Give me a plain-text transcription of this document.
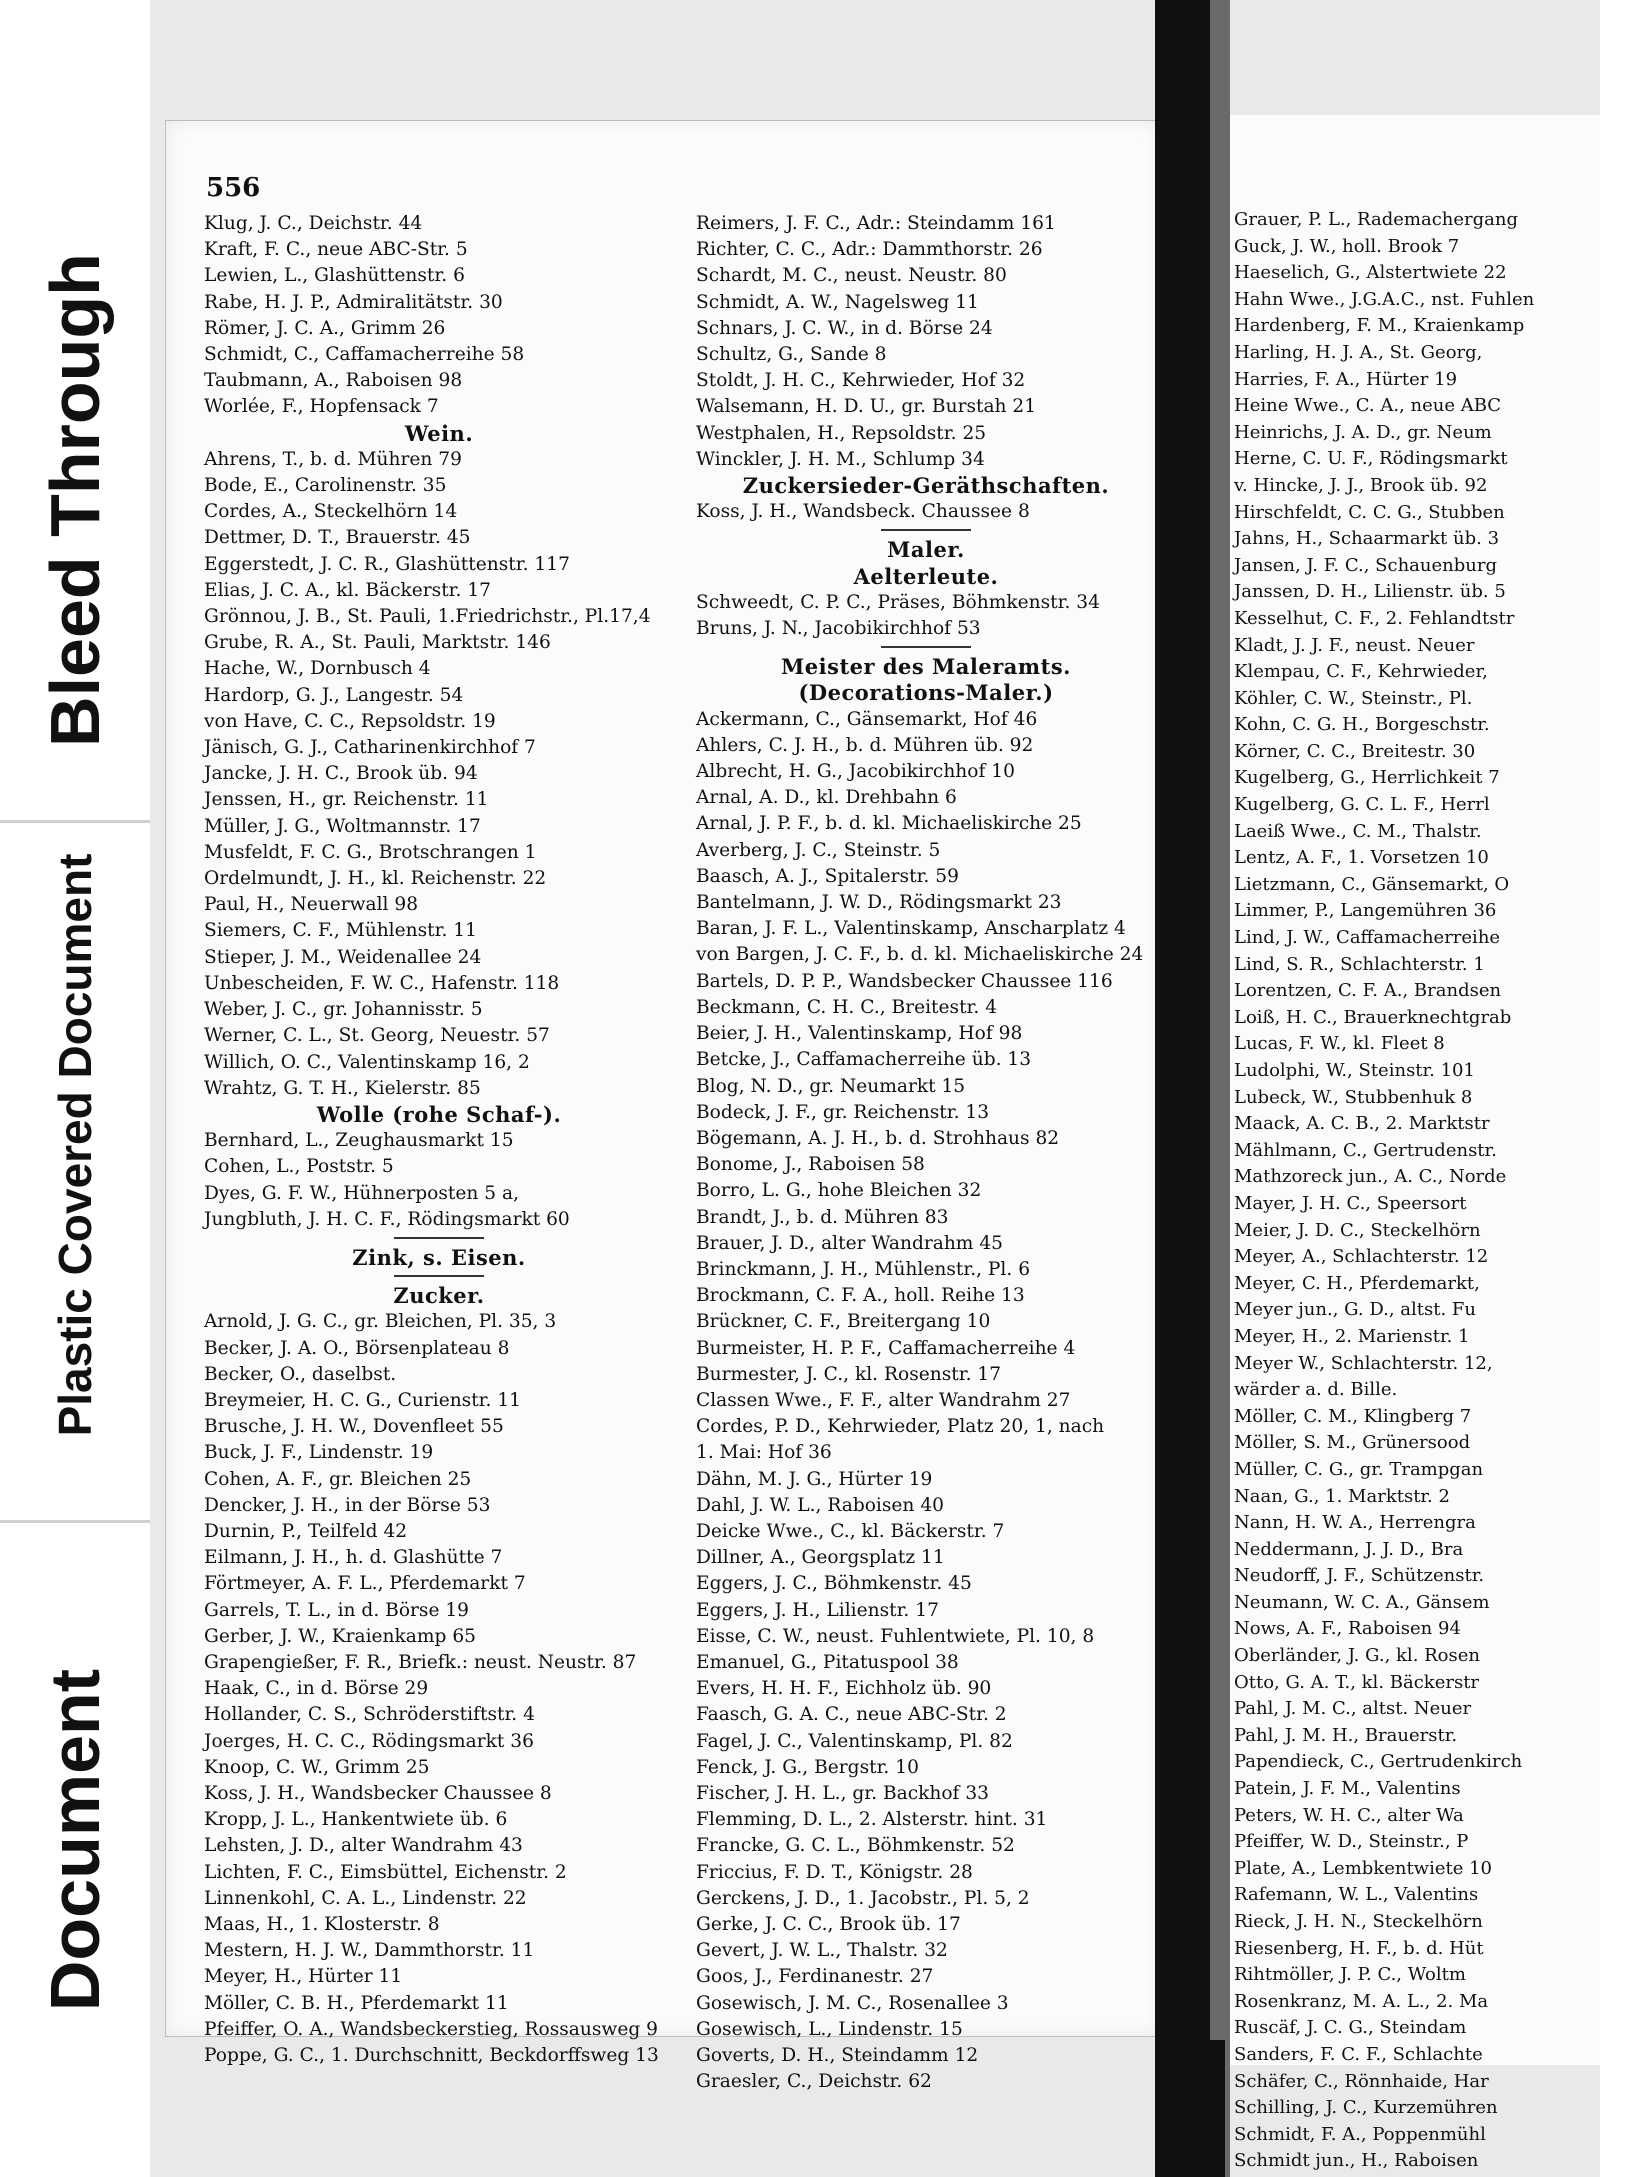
Bleed Through
Plastic Covered Document
Document
556
Klug, J. C., Deichstr. 44
Kraft, F. C., neue ABC-Str. 5
Lewien, L., Glashüttenstr. 6
Rabe, H. J. P., Admiralitätstr. 30
Römer, J. C. A., Grimm 26
Schmidt, C., Caffamacherreihe 58
Taubmann, A., Raboisen 98
Worlée, F., Hopfensack 7
Wein.
Ahrens, T., b. d. Mühren 79
Bode, E., Carolinenstr. 35
Cordes, A., Steckelhörn 14
Dettmer, D. T., Brauerstr. 45
Eggerstedt, J. C. R., Glashüttenstr. 117
Elias, J. C. A., kl. Bäckerstr. 17
Grönnou, J. B., St. Pauli, 1.Friedrichstr., Pl.17,4
Grube, R. A., St. Pauli, Marktstr. 146
Hache, W., Dornbusch 4
Hardorp, G. J., Langestr. 54
von Have, C. C., Repsoldstr. 19
Jänisch, G. J., Catharinenkirchhof 7
Jancke, J. H. C., Brook üb. 94
Jenssen, H., gr. Reichenstr. 11
Müller, J. G., Woltmannstr. 17
Musfeldt, F. C. G., Brotschrangen 1
Ordelmundt, J. H., kl. Reichenstr. 22
Paul, H., Neuerwall 98
Siemers, C. F., Mühlenstr. 11
Stieper, J. M., Weidenallee 24
Unbescheiden, F. W. C., Hafenstr. 118
Weber, J. C., gr. Johannisstr. 5
Werner, C. L., St. Georg, Neuestr. 57
Willich, O. C., Valentinskamp 16, 2
Wrahtz, G. T. H., Kielerstr. 85
Wolle (rohe Schaf-).
Bernhard, L., Zeughausmarkt 15
Cohen, L., Poststr. 5
Dyes, G. F. W., Hühnerposten 5 a,
Jungbluth, J. H. C. F., Rödingsmarkt 60
Zink, s. Eisen.
Zucker.
Arnold, J. G. C., gr. Bleichen, Pl. 35, 3
Becker, J. A. O., Börsenplateau 8
Becker, O., daselbst.
Breymeier, H. C. G., Curienstr. 11
Brusche, J. H. W., Dovenfleet 55
Buck, J. F., Lindenstr. 19
Cohen, A. F., gr. Bleichen 25
Dencker, J. H., in der Börse 53
Durnin, P., Teilfeld 42
Eilmann, J. H., h. d. Glashütte 7
Förtmeyer, A. F. L., Pferdemarkt 7
Garrels, T. L., in d. Börse 19
Gerber, J. W., Kraienkamp 65
Grapengießer, F. R., Briefk.: neust. Neustr. 87
Haak, C., in d. Börse 29
Hollander, C. S., Schröderstiftstr. 4
Joerges, H. C. C., Rödingsmarkt 36
Knoop, C. W., Grimm 25
Koss, J. H., Wandsbecker Chaussee 8
Kropp, J. L., Hankentwiete üb. 6
Lehsten, J. D., alter Wandrahm 43
Lichten, F. C., Eimsbüttel, Eichenstr. 2
Linnenkohl, C. A. L., Lindenstr. 22
Maas, H., 1. Klosterstr. 8
Mestern, H. J. W., Dammthorstr. 11
Meyer, H., Hürter 11
Möller, C. B. H., Pferdemarkt 11
Pfeiffer, O. A., Wandsbeckerstieg, Rossausweg 9
Poppe, G. C., 1. Durchschnitt, Beckdorffsweg 13
Reimers, J. F. C., Adr.: Steindamm 161
Richter, C. C., Adr.: Dammthorstr. 26
Schardt, M. C., neust. Neustr. 80
Schmidt, A. W., Nagelsweg 11
Schnars, J. C. W., in d. Börse 24
Schultz, G., Sande 8
Stoldt, J. H. C., Kehrwieder, Hof 32
Walsemann, H. D. U., gr. Burstah 21
Westphalen, H., Repsoldstr. 25
Winckler, J. H. M., Schlump 34
Zuckersieder-Geräthschaften.
Koss, J. H., Wandsbeck. Chaussee 8
Maler.
Aelterleute.
Schweedt, C. P. C., Präses, Böhmkenstr. 34
Bruns, J. N., Jacobikirchhof 53
Meister des Maleramts.
(Decorations-Maler.)
Ackermann, C., Gänsemarkt, Hof 46
Ahlers, C. J. H., b. d. Mühren üb. 92
Albrecht, H. G., Jacobikirchhof 10
Arnal, A. D., kl. Drehbahn 6
Arnal, J. P. F., b. d. kl. Michaeliskirche 25
Averberg, J. C., Steinstr. 5
Baasch, A. J., Spitalerstr. 59
Bantelmann, J. W. D., Rödingsmarkt 23
Baran, J. F. L., Valentinskamp, Anscharplatz 4
von Bargen, J. C. F., b. d. kl. Michaeliskirche 24
Bartels, D. P. P., Wandsbecker Chaussee 116
Beckmann, C. H. C., Breitestr. 4
Beier, J. H., Valentinskamp, Hof 98
Betcke, J., Caffamacherreihe üb. 13
Blog, N. D., gr. Neumarkt 15
Bodeck, J. F., gr. Reichenstr. 13
Bögemann, A. J. H., b. d. Strohhaus 82
Bonome, J., Raboisen 58
Borro, L. G., hohe Bleichen 32
Brandt, J., b. d. Mühren 83
Brauer, J. D., alter Wandrahm 45
Brinckmann, J. H., Mühlenstr., Pl. 6
Brockmann, C. F. A., holl. Reihe 13
Brückner, C. F., Breitergang 10
Burmeister, H. P. F., Caffamacherreihe 4
Burmester, J. C., kl. Rosenstr. 17
Classen Wwe., F. F., alter Wandrahm 27
Cordes, P. D., Kehrwieder, Platz 20, 1, nach
1. Mai: Hof 36
Dähn, M. J. G., Hürter 19
Dahl, J. W. L., Raboisen 40
Deicke Wwe., C., kl. Bäckerstr. 7
Dillner, A., Georgsplatz 11
Eggers, J. C., Böhmkenstr. 45
Eggers, J. H., Lilienstr. 17
Eisse, C. W., neust. Fuhlentwiete, Pl. 10, 8
Emanuel, G., Pitatuspool 38
Evers, H. H. F., Eichholz üb. 90
Faasch, G. A. C., neue ABC-Str. 2
Fagel, J. C., Valentinskamp, Pl. 82
Fenck, J. G., Bergstr. 10
Fischer, J. H. L., gr. Backhof 33
Flemming, D. L., 2. Alsterstr. hint. 31
Francke, G. C. L., Böhmkenstr. 52
Friccius, F. D. T., Königstr. 28
Gerckens, J. D., 1. Jacobstr., Pl. 5, 2
Gerke, J. C. C., Brook üb. 17
Gevert, J. W. L., Thalstr. 32
Goos, J., Ferdinanestr. 27
Gosewisch, J. M. C., Rosenallee 3
Gosewisch, L., Lindenstr. 15
Goverts, D. H., Steindamm 12
Graesler, C., Deichstr. 62
Grauer, P. L., Rademachergang
Guck, J. W., holl. Brook 7
Haeselich, G., Alstertwiete 22
Hahn Wwe., J.G.A.C., nst. Fuhlen
Hardenberg, F. M., Kraienkamp
Harling, H. J. A., St. Georg,
Harries, F. A., Hürter 19
Heine Wwe., C. A., neue ABC
Heinrichs, J. A. D., gr. Neum
Herne, C. U. F., Rödingsmarkt
v. Hincke, J. J., Brook üb. 92
Hirschfeldt, C. C. G., Stubben
Jahns, H., Schaarmarkt üb. 3
Jansen, J. F. C., Schauenburg
Janssen, D. H., Lilienstr. üb. 5
Kesselhut, C. F., 2. Fehlandtstr
Kladt, J. J. F., neust. Neuer
Klempau, C. F., Kehrwieder,
Köhler, C. W., Steinstr., Pl.
Kohn, C. G. H., Borgeschstr.
Körner, C. C., Breitestr. 30
Kugelberg, G., Herrlichkeit 7
Kugelberg, G. C. L. F., Herrl
Laeiß Wwe., C. M., Thalstr.
Lentz, A. F., 1. Vorsetzen 10
Lietzmann, C., Gänsemarkt, O
Limmer, P., Langemühren 36
Lind, J. W., Caffamacherreihe
Lind, S. R., Schlachterstr. 1
Lorentzen, C. F. A., Brandsen
Loiß, H. C., Brauerknechtgrab
Lucas, F. W., kl. Fleet 8
Ludolphi, W., Steinstr. 101
Lubeck, W., Stubbenhuk 8
Maack, A. C. B., 2. Marktstr
Mählmann, C., Gertrudenstr.
Mathzoreck jun., A. C., Norde
Mayer, J. H. C., Speersort
Meier, J. D. C., Steckelhörn
Meyer, A., Schlachterstr. 12
Meyer, C. H., Pferdemarkt,
Meyer jun., G. D., altst. Fu
Meyer, H., 2. Marienstr. 1
Meyer W., Schlachterstr. 12,
wärder a. d. Bille.
Möller, C. M., Klingberg 7
Möller, S. M., Grünersood
Müller, C. G., gr. Trampgan
Naan, G., 1. Marktstr. 2
Nann, H. W. A., Herrengra
Neddermann, J. J. D., Bra
Neudorff, J. F., Schützenstr.
Neumann, W. C. A., Gänsem
Nows, A. F., Raboisen 94
Oberländer, J. G., kl. Rosen
Otto, G. A. T., kl. Bäckerstr
Pahl, J. M. C., altst. Neuer
Pahl, J. M. H., Brauerstr.
Papendieck, C., Gertrudenkirch
Patein, J. F. M., Valentins
Peters, W. H. C., alter Wa
Pfeiffer, W. D., Steinstr., P
Plate, A., Lembkentwiete 10
Rafemann, W. L., Valentins
Rieck, J. H. N., Steckelhörn
Riesenberg, H. F., b. d. Hüt
Rihtmöller, J. P. C., Woltm
Rosenkranz, M. A. L., 2. Ma
Ruscäf, J. C. G., Steindam
Sanders, F. C. F., Schlachte
Schäfer, C., Rönnhaide, Har
Schilling, J. C., Kurzemühren
Schmidt, F. A., Poppenmühl
Schmidt jun., H., Raboisen
